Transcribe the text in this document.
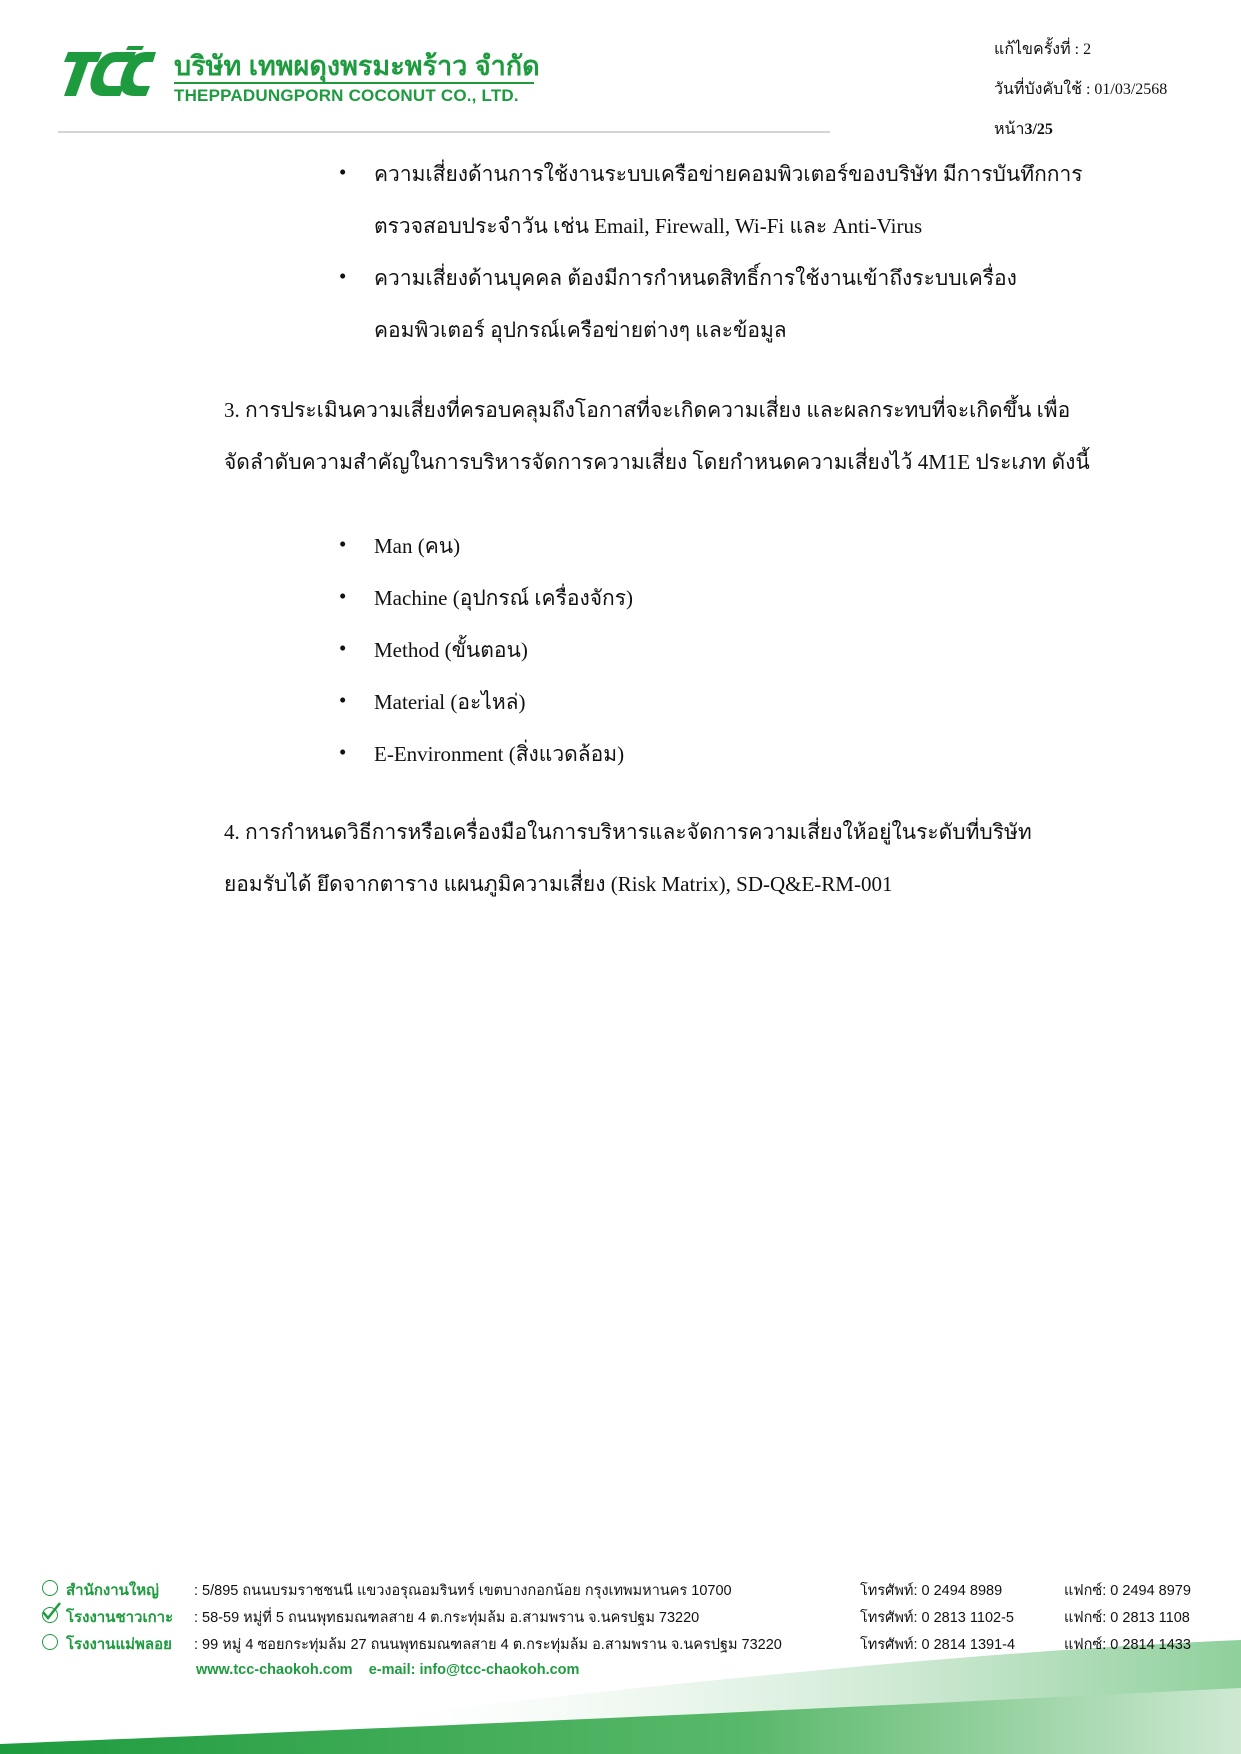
บริษัท เทพผดุงพรมะพร้าว จำกัด
THEPPADUNGPORN COCONUT CO., LTD.
แก้ไขครั้งที่ : 2
วันที่บังคับใช้ : 01/03/2568
หน้า3/25
• ความเสี่ยงด้านการใช้งานระบบเครือข่ายคอมพิวเตอร์ของบริษัท มีการบันทึกการ
ตรวจสอบประจำวัน เช่น Email, Firewall, Wi-Fi และ Anti-Virus
• ความเสี่ยงด้านบุคคล ต้องมีการกำหนดสิทธิ์การใช้งานเข้าถึงระบบเครื่อง
คอมพิวเตอร์ อุปกรณ์เครือข่ายต่างๆ และข้อมูล
3. การประเมินความเสี่ยงที่ครอบคลุมถึงโอกาสที่จะเกิดความเสี่ยง และผลกระทบที่จะเกิดขึ้น เพื่อ
จัดลำดับความสำคัญในการบริหารจัดการความเสี่ยง โดยกำหนดความเสี่ยงไว้ 4M1E ประเภท ดังนี้
• Man (คน)
• Machine (อุปกรณ์ เครื่องจักร)
• Method (ขั้นตอน)
• Material (อะไหล่)
• E-Environment (สิ่งแวดล้อม)
4. การกำหนดวิธีการหรือเครื่องมือในการบริหารและจัดการความเสี่ยงให้อยู่ในระดับที่บริษัท
ยอมรับได้ ยึดจากตาราง แผนภูมิความเสี่ยง (Risk Matrix), SD-Q&E-RM-001
สำนักงานใหญ่ : 5/895 ถนนบรมราชชนนี แขวงอรุณอมรินทร์ เขตบางกอกน้อย กรุงเทพมหานคร 10700	โทรศัพท์: 0 2494 8989	แฟกซ์: 0 2494 8979
โรงงานชาวเกาะ : 58-59 หมู่ที่ 5 ถนนพุทธมณฑลสาย 4 ต.กระทุ่มล้ม อ.สามพราน จ.นครปฐม 73220	โทรศัพท์: 0 2813 1102-5	แฟกซ์: 0 2813 1108
โรงงานแม่พลอย : 99 หมู่ 4 ซอยกระทุ่มล้ม 27 ถนนพุทธมณฑลสาย 4 ต.กระทุ่มล้ม อ.สามพราน จ.นครปฐม 73220	โทรศัพท์: 0 2814 1391-4	แฟกซ์: 0 2814 1433
www.tcc-chaokoh.com e-mail: info@tcc-chaokoh.com
